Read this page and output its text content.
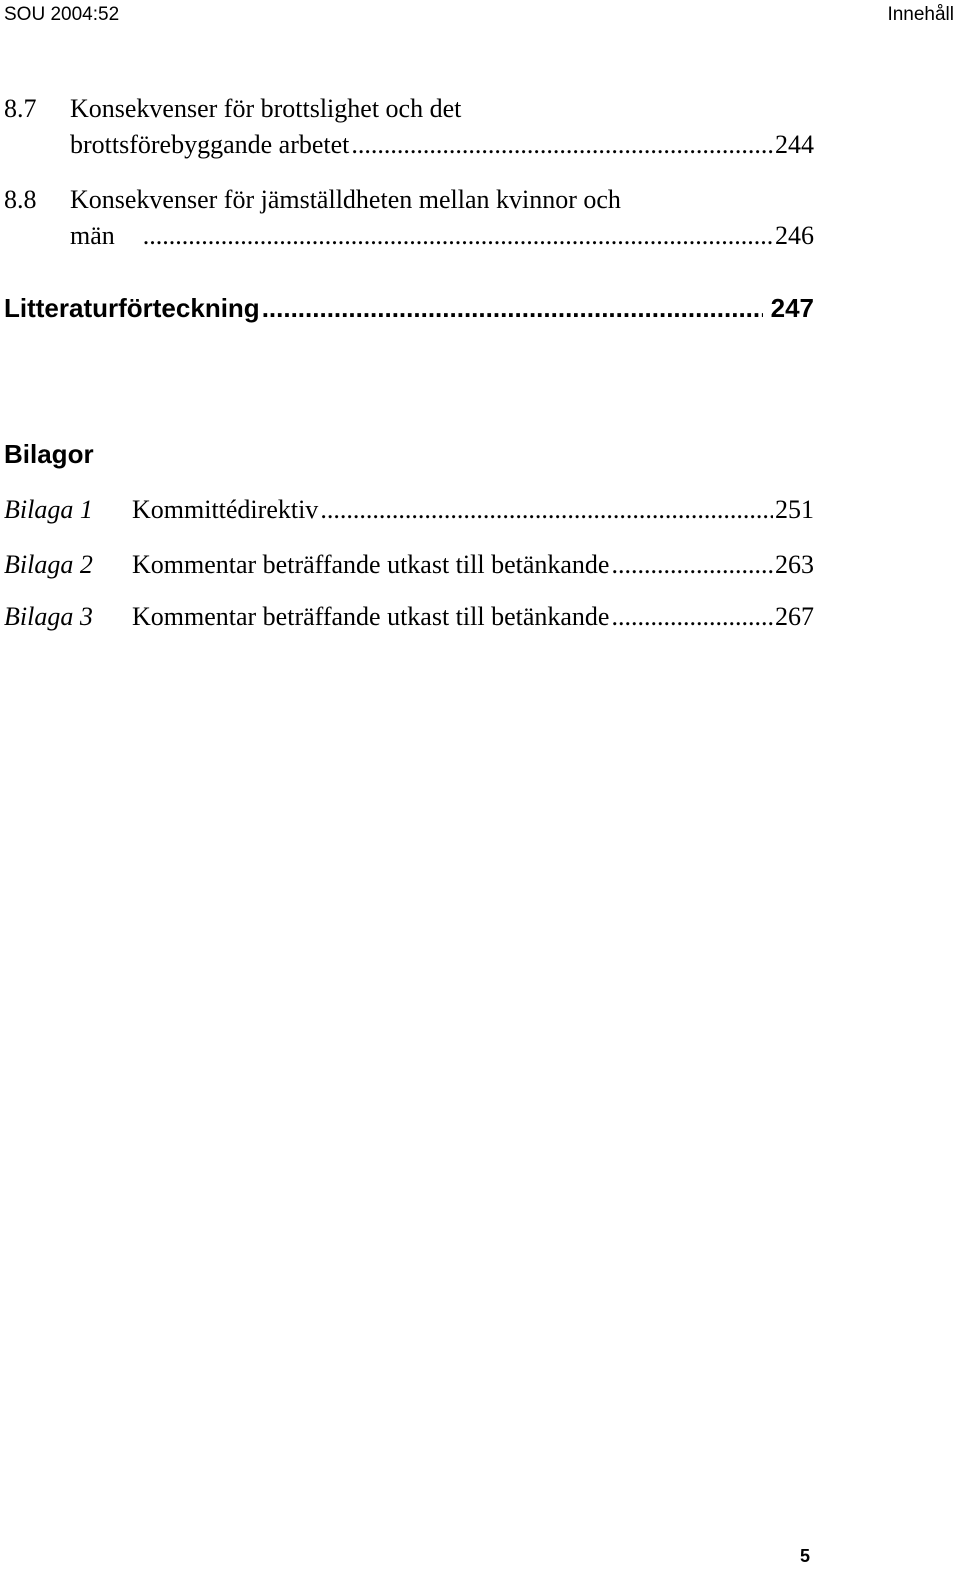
SOU 2004:52	Innehåll
8.7 Konsekvenser för brottslighet och det
brottsförebyggande arbetet .....	244
8.8 Konsekvenser för jämställdheten mellan kvinnor och
män .....	246
Litteraturförteckning .....	247
Bilagor
Bilaga 1 Kommittédirektiv .....	251
Bilaga 2 Kommentar beträffande utkast till betänkande .....	263
Bilaga 3 Kommentar beträffande utkast till betänkande .....	267
5
